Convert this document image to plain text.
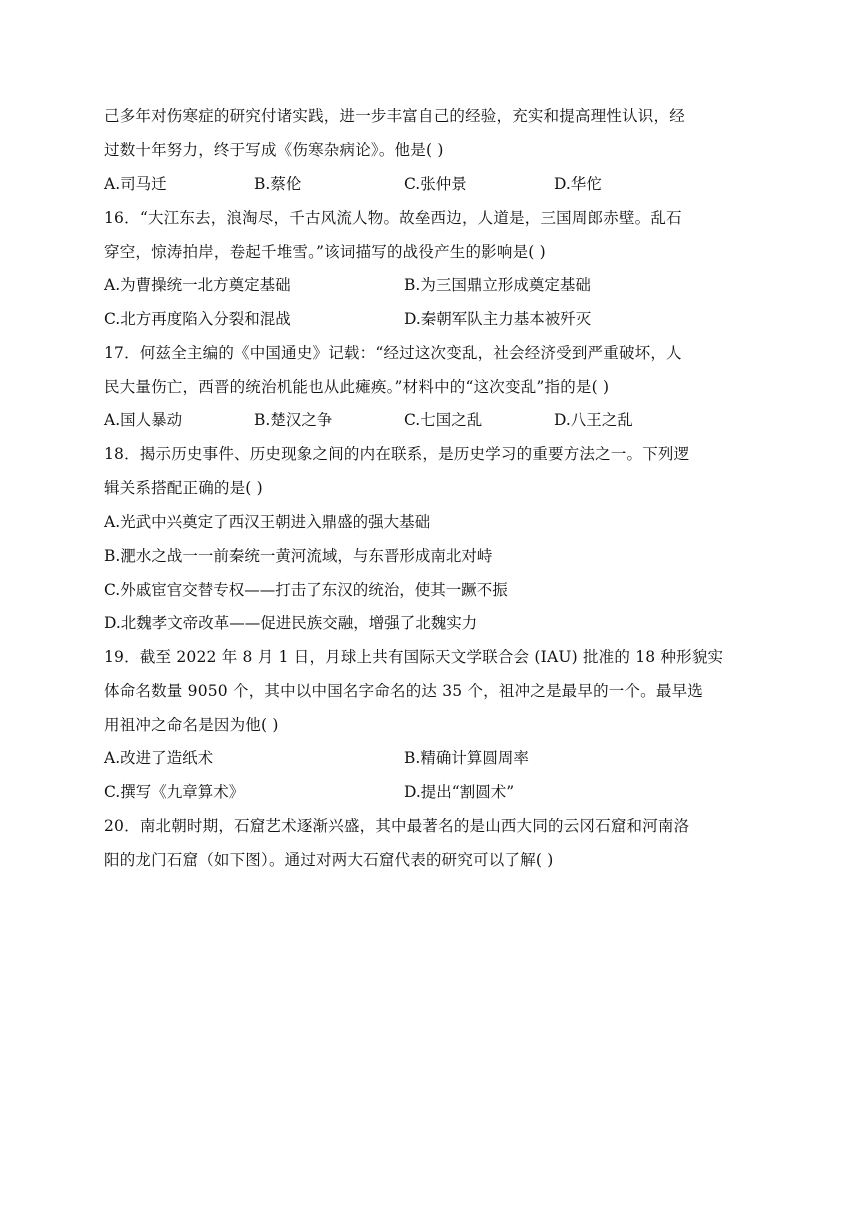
己多年对伤寒症的研究付诸实践，进一步丰富自己的经验，充实和提高理性认识，经
过数十年努力，终于写成《伤寒杂病论》。他是( )
A.司马迁	B.蔡伦	C.张仲景	D.华佗
16．“大江东去，浪淘尽，千古风流人物。故垒西边，人道是，三国周郎赤壁。乱石
穿空，惊涛拍岸，卷起千堆雪。”该词描写的战役产生的影响是( )
A.为曹操统一北方奠定基础	B.为三国鼎立形成奠定基础
C.北方再度陷入分裂和混战	D.秦朝军队主力基本被歼灭
17．何兹全主编的《中国通史》记载：“经过这次变乱，社会经济受到严重破坏，人
民大量伤亡，西晋的统治机能也从此瘫痪。”材料中的“这次变乱”指的是( )
A.国人暴动	B.楚汉之争	C.七国之乱	D.八王之乱
18．揭示历史事件、历史现象之间的内在联系，是历史学习的重要方法之一。下列逻
辑关系搭配正确的是( )
A.光武中兴奠定了西汉王朝进入鼎盛的强大基础
B.淝水之战一一前秦统一黄河流域，与东晋形成南北对峙
C.外戚宦官交替专权——打击了东汉的统治，使其一蹶不振
D.北魏孝文帝改革——促进民族交融，增强了北魏实力
19．截至 2022 年 8 月 1 日，月球上共有国际天文学联合会 (IAU) 批准的 18 种形貌实
体命名数量 9050 个，其中以中国名字命名的达 35 个，祖冲之是最早的一个。最早选
用祖冲之命名是因为他( )
A.改进了造纸术	B.精确计算圆周率
C.撰写《九章算术》	D.提出“割圆术”
20．南北朝时期，石窟艺术逐渐兴盛，其中最著名的是山西大同的云冈石窟和河南洛
阳的龙门石窟（如下图）。通过对两大石窟代表的研究可以了解( )
